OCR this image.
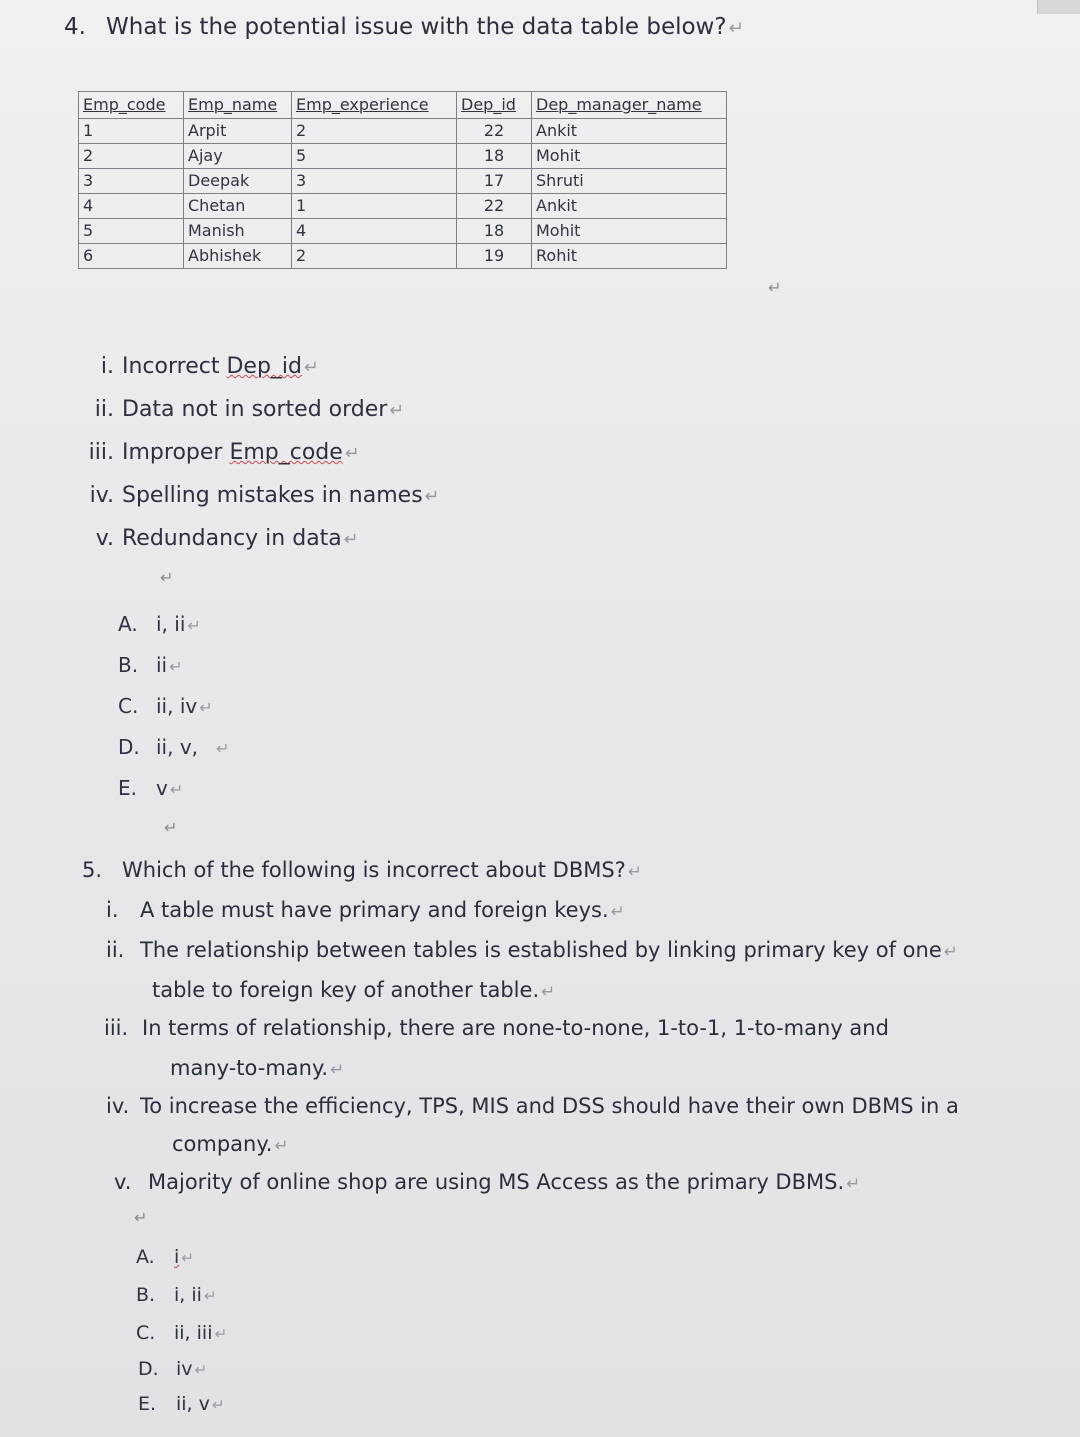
4. What is the potential issue with the data table below? ↵
Emp_code	Emp_name	Emp_experience	Dep_id	Dep_manager_name
1	Arpit	2	22	Ankit
2	Ajay	5	18	Mohit
3	Deepak	3	17	Shruti
4	Chetan	1	22	Ankit
5	Manish	4	18	Mohit
6	Abhishek	2	19	Rohit
↵
i. Incorrect Dep_id ↵
ii. Data not in sorted order ↵
iii. Improper Emp_code ↵
iv. Spelling mistakes in names ↵
v. Redundancy in data ↵
↵
A. i, ii ↵
B. ii ↵
C. ii, iv ↵
D. ii, v, ↵
E. v ↵
↵
5. Which of the following is incorrect about DBMS? ↵
i. A table must have primary and foreign keys. ↵
ii. The relationship between tables is established by linking primary key of one ↵
table to foreign key of another table. ↵
iii. In terms of relationship, there are none-to-none, 1-to-1, 1-to-many and
many-to-many. ↵
iv. To increase the efficiency, TPS, MIS and DSS should have their own DBMS in a
company. ↵
v. Majority of online shop are using MS Access as the primary DBMS. ↵
↵
A. i ↵
B. i, ii ↵
C. ii, iii ↵
D. iv ↵
E. ii, v ↵
